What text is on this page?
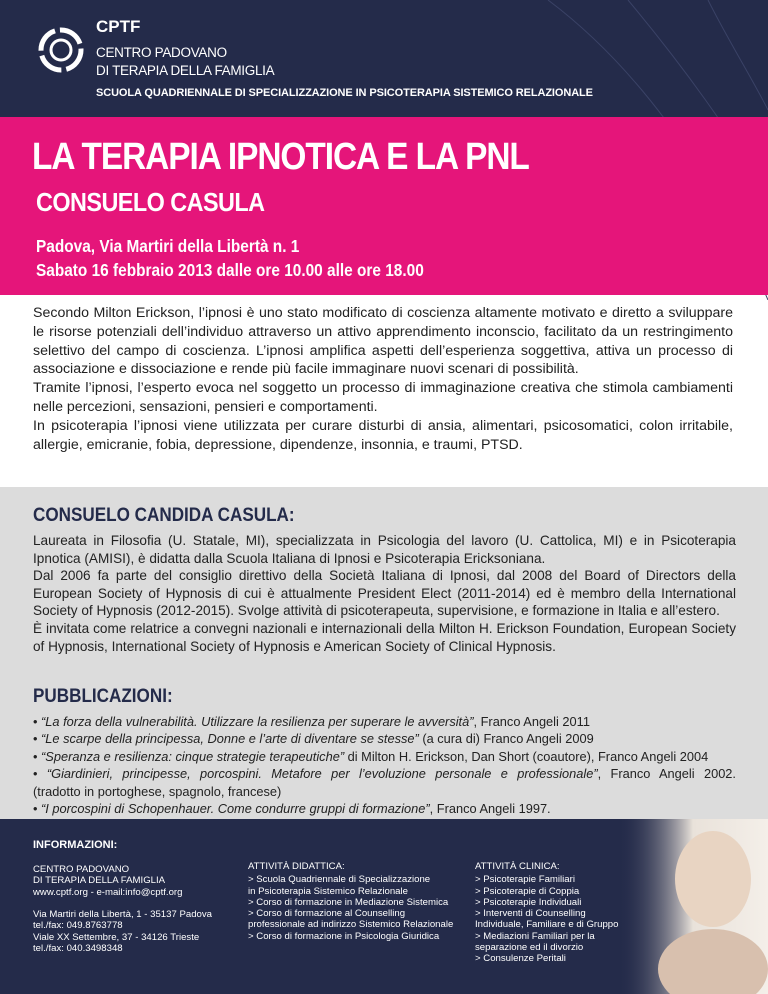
CPTF
CENTRO PADOVANO
DI TERAPIA DELLA FAMIGLIA
SCUOLA QUADRIENNALE DI SPECIALIZZAZIONE IN PSICOTERAPIA SISTEMICO RELAZIONALE
LA TERAPIA IPNOTICA E LA PNL
CONSUELO CASULA
Padova, Via Martiri della Libertà n. 1
Sabato 16 febbraio 2013 dalle ore 10.00 alle ore 18.00

Secondo Milton Erickson, l’ipnosi è uno stato modificato di coscienza altamente motivato e diretto a sviluppare le risorse potenziali dell’individuo attraverso un attivo apprendimento inconscio, facilitato da un restringimento selettivo del campo di coscienza. L’ipnosi amplifica aspetti dell’esperienza soggettiva, attiva un processo di associazione e dissociazione e rende più facile immaginare nuovi scenari di possibilità.

Tramite l’ipnosi, l’esperto evoca nel soggetto un processo di immaginazione creativa che stimola cambiamenti nelle percezioni, sensazioni, pensieri e comportamenti.

In psicoterapia l’ipnosi viene utilizzata per curare disturbi di ansia, alimentari, psicosomatici, colon irritabile, allergie, emicranie, fobia, depressione, dipendenze, insonnia, e traumi, PTSD.

CONSUELO CANDIDA CASULA:

Laureata in Filosofia (U. Statale, MI), specializzata in Psicologia del lavoro (U. Cattolica, MI) e in Psicoterapia Ipnotica (AMISI), è didatta dalla Scuola Italiana di Ipnosi e Psicoterapia Ericksoniana.

Dal 2006 fa parte del consiglio direttivo della Società Italiana di Ipnosi, dal 2008 del Board of Directors della European Society of Hypnosis di cui è attualmente President Elect (2011-2014) ed è membro della International Society of Hypnosis (2012-2015). Svolge attività di psicoterapeuta, supervisione, e formazione in Italia e all’estero.

È invitata come relatrice a convegni nazionali e internazionali della Milton H. Erickson Foundation, European Society of Hypnosis, International Society of Hypnosis e American Society of Clinical Hypnosis.

PUBBLICAZIONI:
• “La forza della vulnerabilità. Utilizzare la resilienza per superare le avversità”, Franco Angeli 2011
• “Le scarpe della principessa, Donne e l’arte di diventare se stesse” (a cura di) Franco Angeli 2009
• “Speranza e resilienza: cinque strategie terapeutiche” di Milton H. Erickson, Dan Short (coautore), Franco Angeli 2004
• “Giardinieri, principesse, porcospini. Metafore per l’evoluzione personale e professionale”, Franco Angeli 2002.
(tradotto in portoghese, spagnolo, francese)
• “I porcospini di Schopenhauer. Come condurre gruppi di formazione”, Franco Angeli 1997.
INFORMAZIONI:
CENTRO PADOVANO
DI TERAPIA DELLA FAMIGLIA
www.cptf.org - e-mail:info@cptf.org
Via Martiri della Libertà, 1 - 35137 Padova
tel./fax: 049.8763778
Viale XX Settembre, 37 - 34126 Trieste
tel./fax: 040.3498348
ATTIVITÀ DIDATTICA:
> Scuola Quadriennale di Specializzazione
in Psicoterapia Sistemico Relazionale
> Corso di formazione in Mediazione Sistemica
> Corso di formazione al Counselling
professionale ad indirizzo Sistemico Relazionale
> Corso di formazione in Psicologia Giuridica
ATTIVITÀ CLINICA:
> Psicoterapie Familiari
> Psicoterapie di Coppia
> Psicoterapie Individuali
> Interventi di Counselling
Individuale, Familiare e di Gruppo
> Mediazioni Familiari per la
separazione ed il divorzio
> Consulenze Peritali
